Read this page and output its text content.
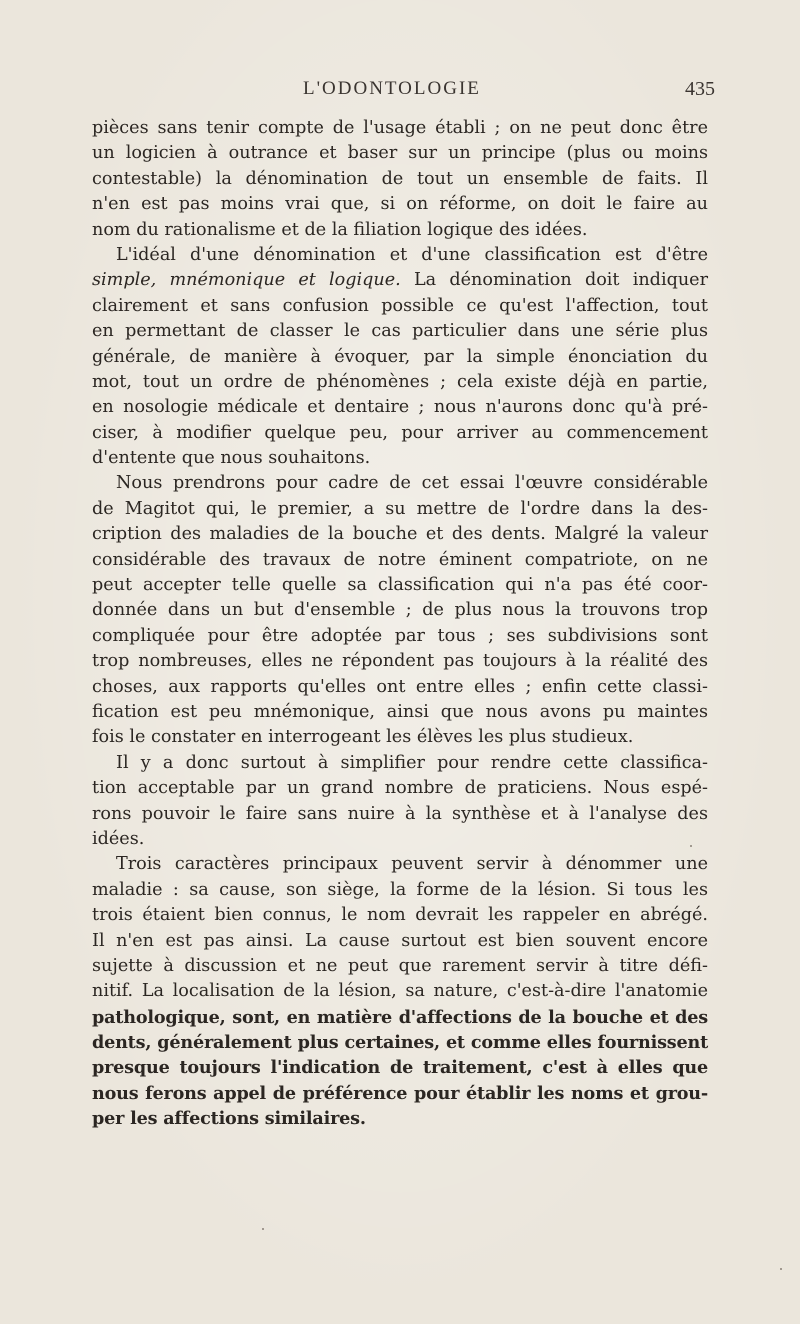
L'ODONTOLOGIE	435
pièces sans tenir compte de l'usage établi ; on ne peut donc être
un logicien à outrance et baser sur un principe (plus ou moins
contestable) la dénomination de tout un ensemble de faits. Il
n'en est pas moins vrai que, si on réforme, on doit le faire au
nom du rationalisme et de la filiation logique des idées.
L'idéal d'une dénomination et d'une classification est d'être
simple, mnémonique et logique. La dénomination doit indiquer
clairement et sans confusion possible ce qu'est l'affection, tout
en permettant de classer le cas particulier dans une série plus
générale, de manière à évoquer, par la simple énonciation du
mot, tout un ordre de phénomènes ; cela existe déjà en partie,
en nosologie médicale et dentaire ; nous n'aurons donc qu'à pré-
ciser, à modifier quelque peu, pour arriver au commencement
d'entente que nous souhaitons.
Nous prendrons pour cadre de cet essai l'œuvre considérable
de Magitot qui, le premier, a su mettre de l'ordre dans la des-
cription des maladies de la bouche et des dents. Malgré la valeur
considérable des travaux de notre éminent compatriote, on ne
peut accepter telle quelle sa classification qui n'a pas été coor-
donnée dans un but d'ensemble ; de plus nous la trouvons trop
compliquée pour être adoptée par tous ; ses subdivisions sont
trop nombreuses, elles ne répondent pas toujours à la réalité des
choses, aux rapports qu'elles ont entre elles ; enfin cette classi-
fication est peu mnémonique, ainsi que nous avons pu maintes
fois le constater en interrogeant les élèves les plus studieux.
Il y a donc surtout à simplifier pour rendre cette classifica-
tion acceptable par un grand nombre de praticiens. Nous espé-
rons pouvoir le faire sans nuire à la synthèse et à l'analyse des
idées.
Trois caractères principaux peuvent servir à dénommer une
maladie : sa cause, son siège, la forme de la lésion. Si tous les
trois étaient bien connus, le nom devrait les rappeler en abrégé.
Il n'en est pas ainsi. La cause surtout est bien souvent encore
sujette à discussion et ne peut que rarement servir à titre défi-
nitif. La localisation de la lésion, sa nature, c'est-à-dire l'anatomie
pathologique, sont, en matière d'affections de la bouche et des
dents, généralement plus certaines, et comme elles fournissent
presque toujours l'indication de traitement, c'est à elles que
nous ferons appel de préférence pour établir les noms et grou-
per les affections similaires.
